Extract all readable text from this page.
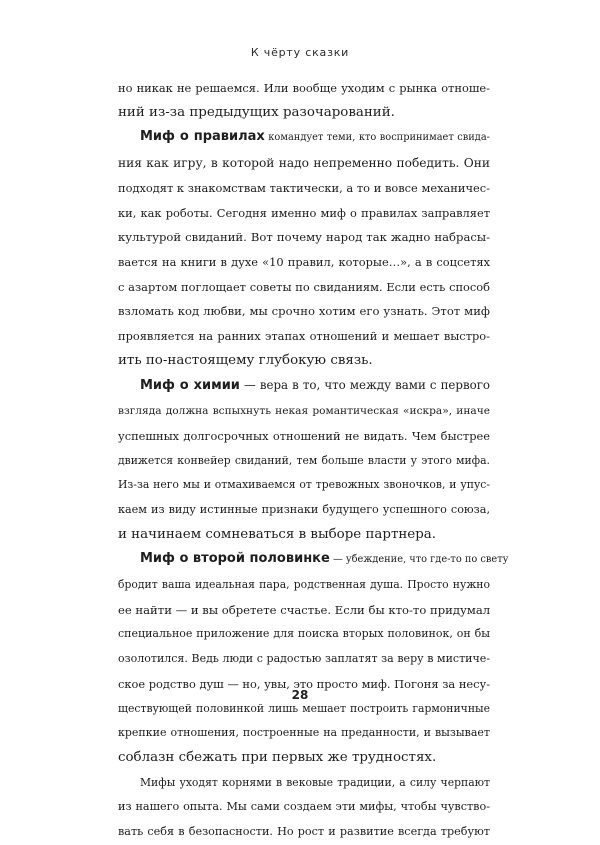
К чёрту сказки
но никак не решаемся. Или вообще уходим с рынка отноше-
ний из-за предыдущих разочарований.
Миф о правилах командует теми, кто воспринимает свида-
ния как игру, в которой надо непременно победить. Они
подходят к знакомствам тактически, а то и вовсе механичес-
ки, как роботы. Сегодня именно миф о правилах заправляет
культурой свиданий. Вот почему народ так жадно набрасы-
вается на книги в духе «10 правил, которые…», а в соцсетях
с азартом поглощает советы по свиданиям. Если есть способ
взломать код любви, мы срочно хотим его узнать. Этот миф
проявляется на ранних этапах отношений и мешает выстро-
ить по-настоящему глубокую связь.
Миф о химии — вера в то, что между вами с первого
взгляда должна вспыхнуть некая романтическая «искра», иначе
успешных долгосрочных отношений не видать. Чем быстрее
движется конвейер свиданий, тем больше власти у этого мифа.
Из-за него мы и отмахиваемся от тревожных звоночков, и упус-
каем из виду истинные признаки будущего успешного союза,
и начинаем сомневаться в выборе партнера.
Миф о второй половинке — убеждение, что где-то по свету
бродит ваша идеальная пара, родственная душа. Просто нужно
ее найти — и вы обретете счастье. Если бы кто-то придумал
специальное приложение для поиска вторых половинок, он бы
озолотился. Ведь люди с радостью заплатят за веру в мистиче-
ское родство душ — но, увы, это просто миф. Погоня за несу-
ществующей половинкой лишь мешает построить гармоничные
крепкие отношения, построенные на преданности, и вызывает
соблазн сбежать при первых же трудностях.
Мифы уходят корнями в вековые традиции, а силу черпают
из нашего опыта. Мы сами создаем эти мифы, чтобы чувство-
вать себя в безопасности. Но рост и развитие всегда требуют
28
